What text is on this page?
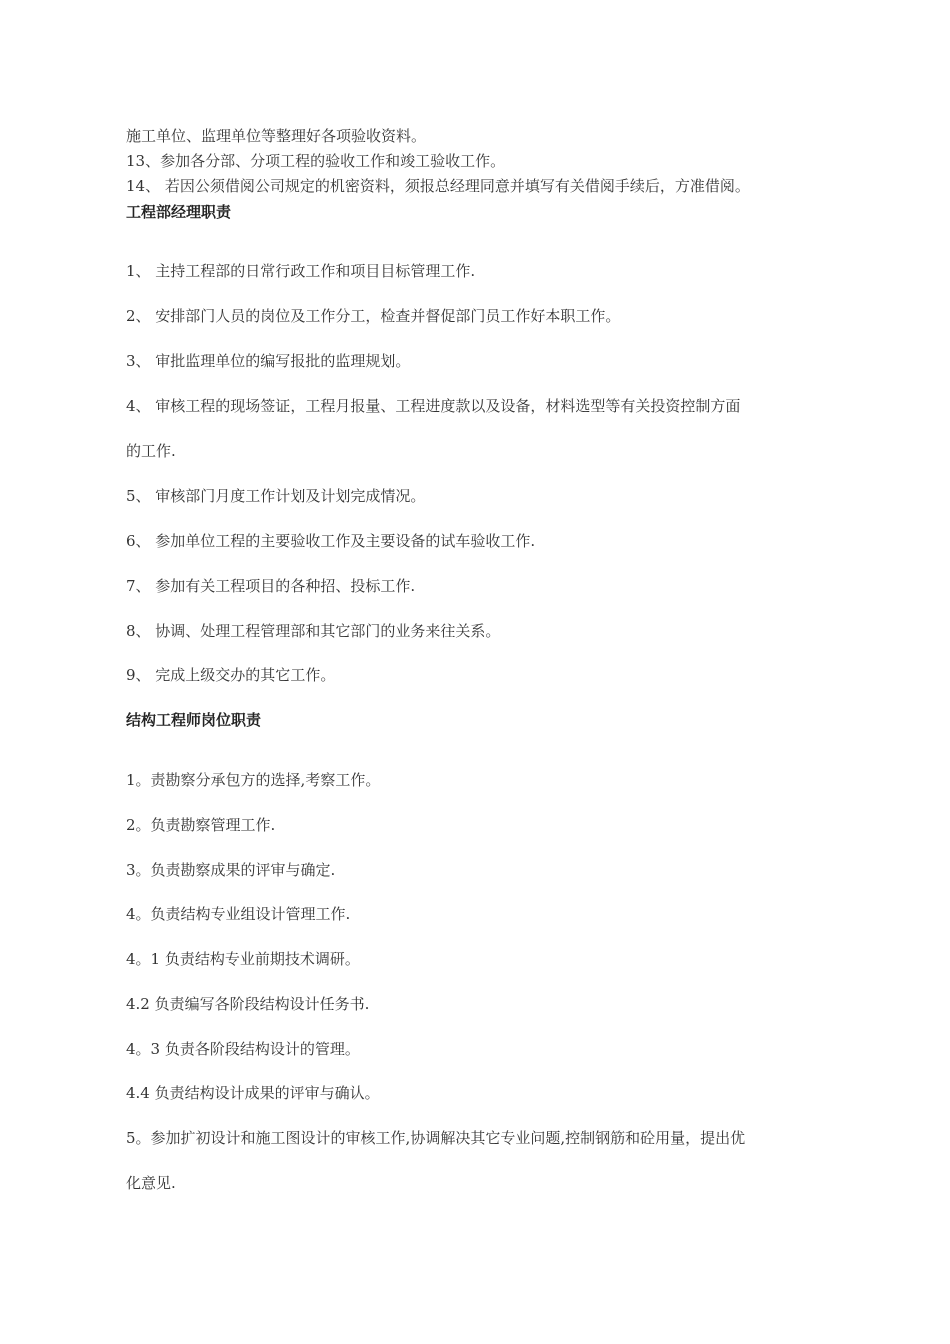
施工单位、监理单位等整理好各项验收资料。
13、参加各分部、分项工程的验收工作和竣工验收工作。
14、 若因公须借阅公司规定的机密资料，须报总经理同意并填写有关借阅手续后，方准借阅。
工程部经理职责
1、 主持工程部的日常行政工作和项目目标管理工作.
2、 安排部门人员的岗位及工作分工，检查并督促部门员工作好本职工作。
3、 审批监理单位的编写报批的监理规划。
4、 审核工程的现场签证，工程月报量、工程进度款以及设备，材料选型等有关投资控制方面
的工作.
5、 审核部门月度工作计划及计划完成情况。
6、 参加单位工程的主要验收工作及主要设备的试车验收工作.
7、 参加有关工程项目的各种招、投标工作.
8、 协调、处理工程管理部和其它部门的业务来往关系。
9、 完成上级交办的其它工作。
结构工程师岗位职责
1。责勘察分承包方的选择,考察工作。
2。负责勘察管理工作.
3。负责勘察成果的评审与确定.
4。负责结构专业组设计管理工作.
4。1 负责结构专业前期技术调研。
4.2 负责编写各阶段结构设计任务书.
4。3 负责各阶段结构设计的管理。
4.4 负责结构设计成果的评审与确认。
5。参加扩初设计和施工图设计的审核工作,协调解决其它专业问题,控制钢筋和砼用量，提出优
化意见.
